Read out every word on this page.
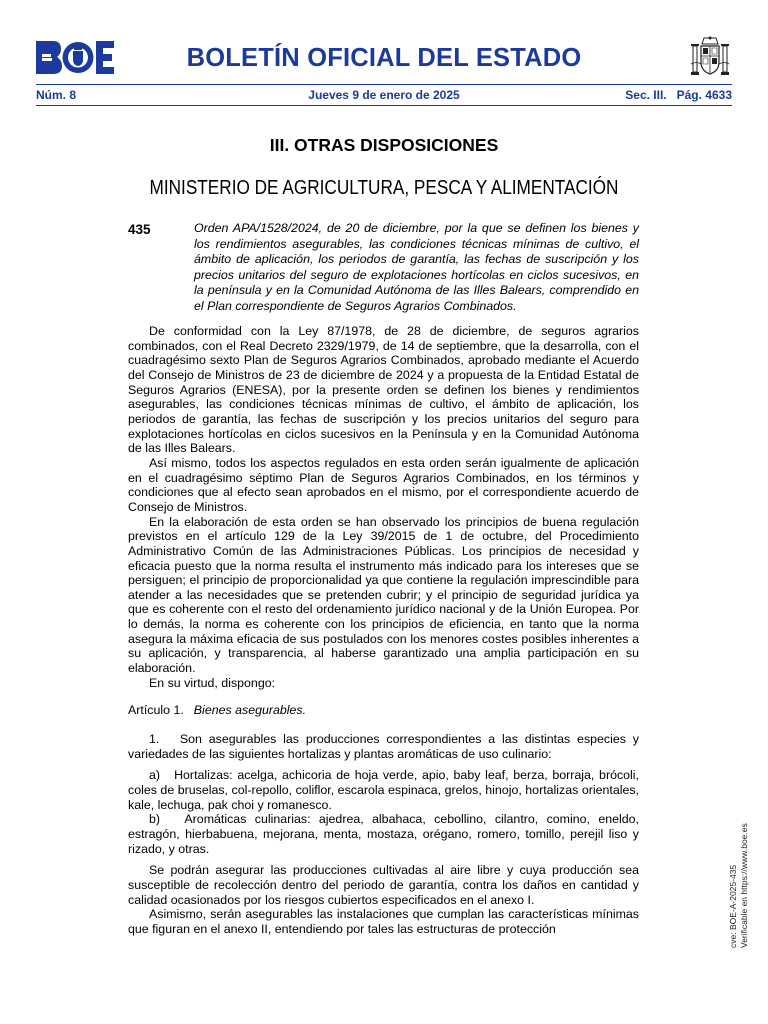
BOLETÍN OFICIAL DEL ESTADO
Núm. 8	Jueves 9 de enero de 2025	Sec. III.   Pág. 4633
III. OTRAS DISPOSICIONES
MINISTERIO DE AGRICULTURA, PESCA Y ALIMENTACIÓN
435	Orden APA/1528/2024, de 20 de diciembre, por la que se definen los bienes y los rendimientos asegurables, las condiciones técnicas mínimas de cultivo, el ámbito de aplicación, los periodos de garantía, las fechas de suscripción y los precios unitarios del seguro de explotaciones hortícolas en ciclos sucesivos, en la península y en la Comunidad Autónoma de las Illes Balears, comprendido en el Plan correspondiente de Seguros Agrarios Combinados.

De conformidad con la Ley 87/1978, de 28 de diciembre, de seguros agrarios combinados, con el Real Decreto 2329/1979, de 14 de septiembre, que la desarrolla, con el cuadragésimo sexto Plan de Seguros Agrarios Combinados, aprobado mediante el Acuerdo del Consejo de Ministros de 23 de diciembre de 2024 y a propuesta de la Entidad Estatal de Seguros Agrarios (ENESA), por la presente orden se definen los bienes y rendimientos asegurables, las condiciones técnicas mínimas de cultivo, el ámbito de aplicación, los periodos de garantía, las fechas de suscripción y los precios unitarios del seguro para explotaciones hortícolas en ciclos sucesivos en la Península y en la Comunidad Autónoma de las Illes Balears.

Así mismo, todos los aspectos regulados en esta orden serán igualmente de aplicación en el cuadragésimo séptimo Plan de Seguros Agrarios Combinados, en los términos y condiciones que al efecto sean aprobados en el mismo, por el correspondiente acuerdo de Consejo de Ministros.

En la elaboración de esta orden se han observado los principios de buena regulación previstos en el artículo 129 de la Ley 39/2015 de 1 de octubre, del Procedimiento Administrativo Común de las Administraciones Públicas. Los principios de necesidad y eficacia puesto que la norma resulta el instrumento más indicado para los intereses que se persiguen; el principio de proporcionalidad ya que contiene la regulación imprescindible para atender a las necesidades que se pretenden cubrir; y el principio de seguridad jurídica ya que es coherente con el resto del ordenamiento jurídico nacional y de la Unión Europea. Por lo demás, la norma es coherente con los principios de eficiencia, en tanto que la norma asegura la máxima eficacia de sus postulados con los menores costes posibles inherentes a su aplicación, y transparencia, al haberse garantizado una amplia participación en su elaboración.

En su virtud, dispongo:

Artículo 1. Bienes asegurables.

1.   Son asegurables las producciones correspondientes a las distintas especies y variedades de las siguientes hortalizas y plantas aromáticas de uso culinario:

a)   Hortalizas: acelga, achicoria de hoja verde, apio, baby leaf, berza, borraja, brócoli, coles de bruselas, col-repollo, coliflor, escarola espinaca, grelos, hinojo, hortalizas orientales, kale, lechuga, pak choi y romanesco.

b)   Aromáticas culinarias: ajedrea, albahaca, cebollino, cilantro, comino, eneldo, estragón, hierbabuena, mejorana, menta, mostaza, orégano, romero, tomillo, perejil liso y rizado, y otras.

Se podrán asegurar las producciones cultivadas al aire libre y cuya producción sea susceptible de recolección dentro del periodo de garantía, contra los daños en cantidad y calidad ocasionados por los riesgos cubiertos especificados en el anexo I.

Asimismo, serán asegurables las instalaciones que cumplan las características mínimas que figuran en el anexo II, entendiendo por tales las estructuras de protección	cve: BOE-A-2025-435 Verificable en https://www.boe.es
